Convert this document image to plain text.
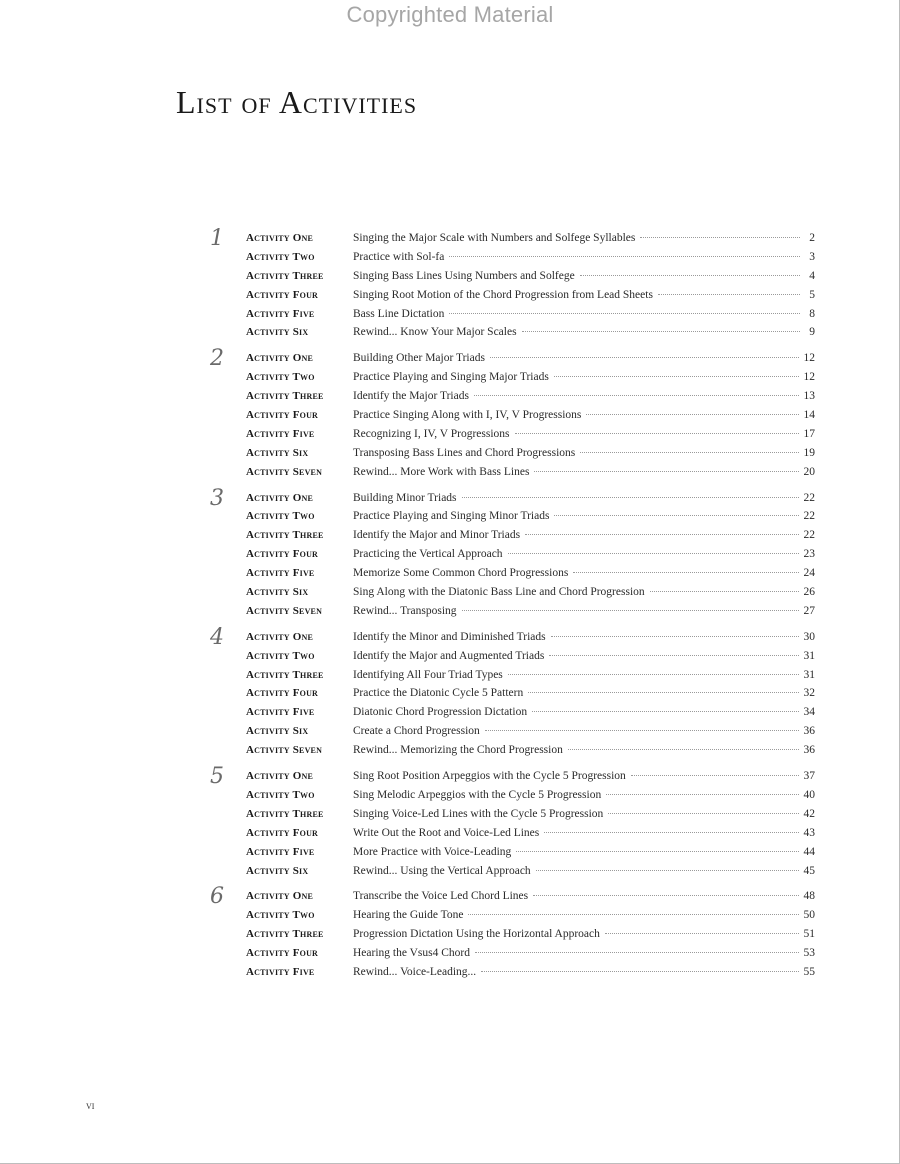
Copyrighted Material
List of Activities
1	Activity One	Singing the Major Scale with Numbers and Solfege Syllables	2
Activity Two	Practice with Sol-fa	3
Activity Three	Singing Bass Lines Using Numbers and Solfege	4
Activity Four	Singing Root Motion of the Chord Progression from Lead Sheets	5
Activity Five	Bass Line Dictation	8
Activity Six	Rewind... Know Your Major Scales	9
2	Activity One	Building Other Major Triads	12
Activity Two	Practice Playing and Singing Major Triads	12
Activity Three	Identify the Major Triads	13
Activity Four	Practice Singing Along with I, IV, V Progressions	14
Activity Five	Recognizing I, IV, V Progressions	17
Activity Six	Transposing Bass Lines and Chord Progressions	19
Activity Seven	Rewind... More Work with Bass Lines	20
3	Activity One	Building Minor Triads	22
Activity Two	Practice Playing and Singing Minor Triads	22
Activity Three	Identify the Major and Minor Triads	22
Activity Four	Practicing the Vertical Approach	23
Activity Five	Memorize Some Common Chord Progressions	24
Activity Six	Sing Along with the Diatonic Bass Line and Chord Progression	26
Activity Seven	Rewind... Transposing	27
4	Activity One	Identify the Minor and Diminished Triads	30
Activity Two	Identify the Major and Augmented Triads	31
Activity Three	Identifying All Four Triad Types	31
Activity Four	Practice the Diatonic Cycle 5 Pattern	32
Activity Five	Diatonic Chord Progression Dictation	34
Activity Six	Create a Chord Progression	36
Activity Seven	Rewind... Memorizing the Chord Progression	36
5	Activity One	Sing Root Position Arpeggios with the Cycle 5 Progression	37
Activity Two	Sing Melodic Arpeggios with the Cycle 5 Progression	40
Activity Three	Singing Voice-Led Lines with the Cycle 5 Progression	42
Activity Four	Write Out the Root and Voice-Led Lines	43
Activity Five	More Practice with Voice-Leading	44
Activity Six	Rewind... Using the Vertical Approach	45
6	Activity One	Transcribe the Voice Led Chord Lines	48
Activity Two	Hearing the Guide Tone	50
Activity Three	Progression Dictation Using the Horizontal Approach	51
Activity Four	Hearing the Vsus4 Chord	53
Activity Five	Rewind... Voice-Leading...	55
vi
